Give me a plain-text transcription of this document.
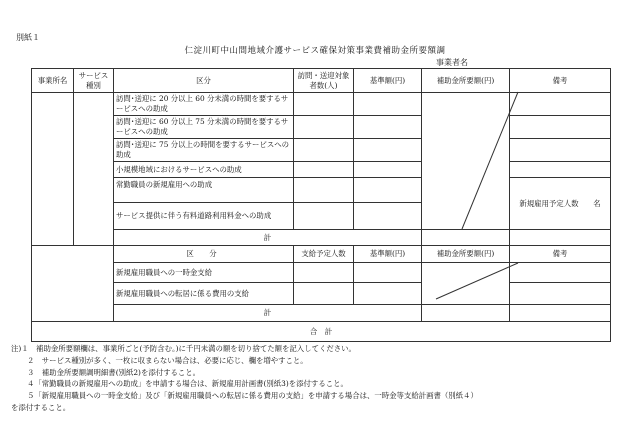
別紙１
仁淀川町中山間地域介護サービス確保対策事業費補助金所要額調
事業者名
事業所名	サービス種別	区分	訪問・送迎対象者数(人)	基準額(円)	補助金所要額(円)	備考
		訪問･送迎に 20 分以上 60 分未満の時間を要するサービスへの助成				
		訪問･送迎に 60 分以上 75 分未満の時間を要するサービスへの助成				
		訪問･送迎に 75 分以上の時間を要するサービスへの助成				
		小規模地域におけるサービスへの助成				
		常勤職員の新規雇用への助成				新規雇用予定人数　　名
		サービス提供に伴う有料道路利用料金への助成				
		計				
		区　分	支給予定人数	基準額(円)	補助金所要額(円)	備考
		新規雇用職員への一時金支給				
		新規雇用職員への転居に係る費用の支給				
		計				
合　計						
注)１　補助金所要額欄は、事業所ごと(予防含む。)に千円未満の額を切り捨てた額を記入してください。
２　サービス種別が多く、一枚に収まらない場合は、必要に応じ、欄を増やすこと。
３　補助金所要額調明細書(別紙2)を添付すること。
４「常勤職員の新規雇用への助成」を申請する場合は、新規雇用計画書(別紙3)を添付すること。
５「新規雇用職員への一時金支給」及び「新規雇用職員への転居に係る費用の支給」を申請する場合は、一時金等支給計画書（別紙４）
を添付すること。
